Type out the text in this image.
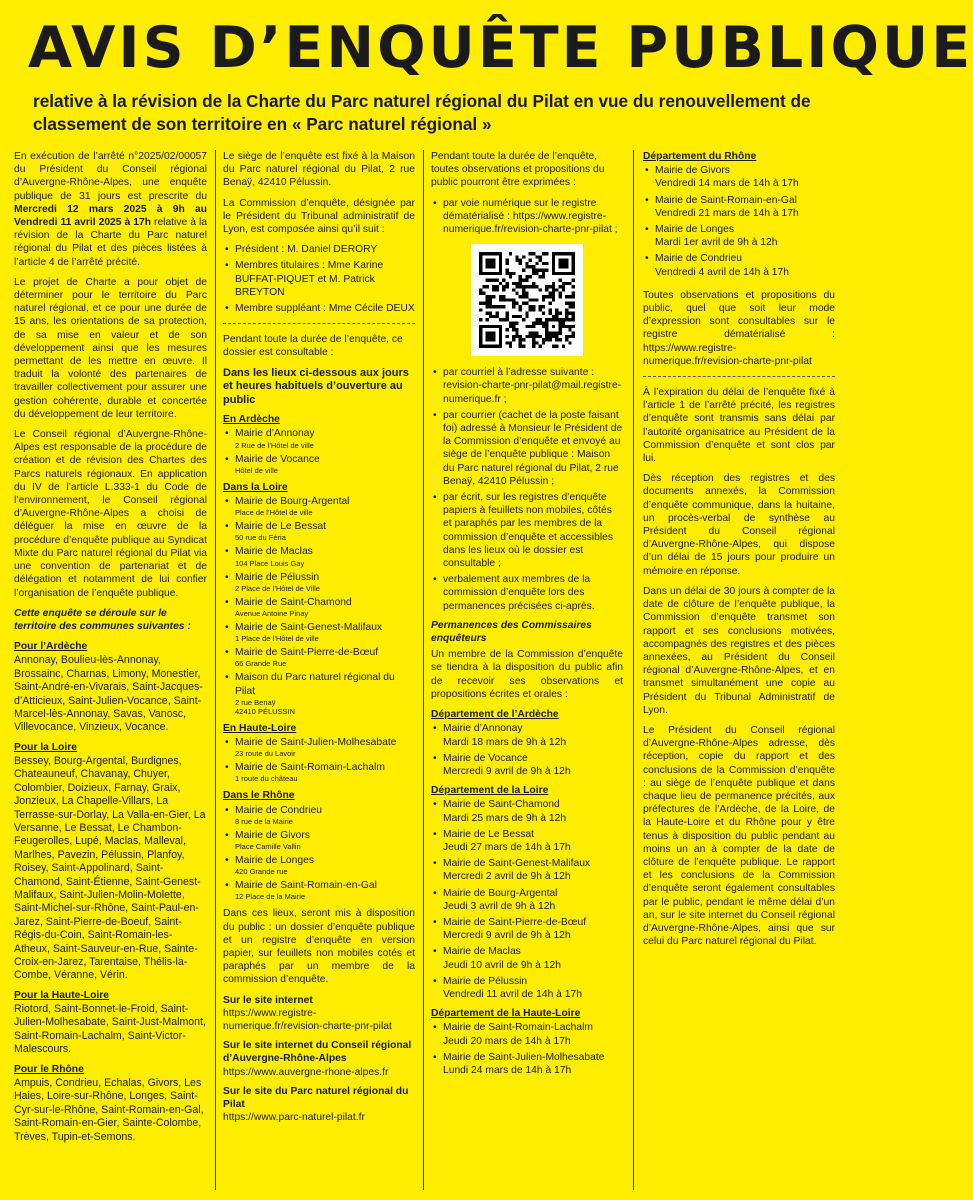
AVIS D’ENQUÊTE PUBLIQUE
relative à la révision de la Charte du Parc naturel régional du Pilat en vue du renouvellement de classement de son territoire en « Parc naturel régional »

En exécution de l’arrêté n°2025/02/00057 du Président du Conseil régional d’Auvergne-Rhône-Alpes, une enquête publique de 31 jours est prescrite du Mercredi 12 mars 2025 à 9h au Vendredi 11 avril 2025 à 17h relative à la révision de la Charte du Parc naturel régional du Pilat et des pièces listées à l’article 4 de l’arrêté précité.

Le projet de Charte a pour objet de déterminer pour le territoire du Parc naturel régional, et ce pour une durée de 15 ans, les orientations de sa protection, de sa mise en valeur et de son développement ainsi que les mesures permettant de les mettre en œuvre. Il traduit la volonté des partenaires de travailler collectivement pour assurer une gestion cohérente, durable et concertée du développement de leur territoire.

Le Conseil régional d’Auvergne-Rhône-Alpes est responsable de la procédure de création et de révision des Chartes des Parcs naturels régionaux. En application du IV de l’article L.333-1 du Code de l’environnement, le Conseil régional d’Auvergne-Rhône-Alpes a choisi de déléguer la mise en œuvre de la procédure d’enquête publique au Syndicat Mixte du Parc naturel régional du Pilat via une convention de partenariat et de délégation et notamment de lui confier l’organisation de l’enquête publique.

Cette enquête se déroule sur le territoire des communes suivantes :

Pour l’Ardèche

Annonay, Boulieu-lès-Annonay, Brossainc, Charnas, Limony, Monestier, Saint-André-en-Vivarais, Saint-Jacques-d’Atticieux, Saint-Julien-Vocance, Saint-Marcel-lès-Annonay, Savas, Vanosc, Villevocance, Vinzieux, Vocance.

Pour la Loire

Bessey, Bourg-Argental, Burdignes, Chateauneuf, Chavanay, Chuyer, Colombier, Doizieux, Farnay, Graix, Jonzieux, La Chapelle-Villars, La Terrasse-sur-Dorlay, La Valla-en-Gier, La Versanne, Le Bessat, Le Chambon-Feugerolles, Lupé, Maclas, Malleval, Marlhes, Pavezin, Pélussin, Planfoy, Roisey, Saint-Appolinard, Saint-Chamond, Saint-Étienne, Saint-Genest-Malifaux, Saint-Julien-Molin-Molette, Saint-Michel-sur-Rhône, Saint-Paul-en-Jarez, Saint-Pierre-de-Boeuf, Saint-Régis-du-Coin, Saint-Romain-les-Atheux, Saint-Sauveur-en-Rue, Sainte-Croix-en-Jarez, Tarentaise, Thélis-la-Combe, Véranne, Vérin.

Pour la Haute-Loire

Riotord, Saint-Bonnet-le-Froid, Saint-Julien-Molhesabate, Saint-Just-Malmont, Saint-Romain-Lachalm, Saint-Victor-Malescours.

Pour le Rhône

Ampuis, Condrieu, Echalas, Givors, Les Haies, Loire-sur-Rhône, Longes, Saint-Cyr-sur-le-Rhône, Saint-Romain-en-Gal, Saint-Romain-en-Gier, Sainte-Colombe, Trèves, Tupin-et-Semons.

Le siège de l’enquête est fixé à la Maison du Parc naturel régional du Pilat, 2 rue Benaÿ, 42410 Pélussin.

La Commission d’enquête, désignée par le Président du Tribunal administratif de Lyon, est composée ainsi qu’il suit :

• Président : M. Daniel DERORY
• Membres titulaires : Mme Karine BUFFAT-PIQUET et M. Patrick BREYTON
• Membre suppléant : Mme Cécile DEUX

Pendant toute la durée de l’enquête, ce dossier est consultable :

Dans les lieux ci-dessous aux jours et heures habituels d’ouverture au public

En Ardèche
• Mairie d’Annonay
2 Rue de l’Hôtel de ville
• Mairie de Vocance
Hôtel de ville
Dans la Loire
• Mairie de Bourg-Argental
Place de l’Hôtel de ville
• Mairie de Le Bessat
50 rue du Féria
• Mairie de Maclas
104 Place Louis Gay
• Mairie de Pélussin
2 Place de l’Hôtel de Ville
• Mairie de Saint-Chamond
Avenue Antoine Pinay
• Mairie de Saint-Genest-Malifaux
1 Place de l’Hôtel de ville
• Mairie de Saint-Pierre-de-Bœuf
66 Grande Rue
• Maison du Parc naturel régional du Pilat
2 rue Benaÿ
42410 PÉLUSSIN
En Haute-Loire
• Mairie de Saint-Julien-Molhesabate
23 route du Lavoir
• Mairie de Saint-Romain-Lachalm
1 route du château
Dans le Rhône
• Mairie de Condrieu
8 rue de la Mairie
• Mairie de Givors
Place Camille Vallin
• Mairie de Longes
420 Grande rue
• Mairie de Saint-Romain-en-Gal
12 Place de la Mairie

Dans ces lieux, seront mis à disposition du public : un dossier d’enquête publique et un registre d’enquête en version papier, sur feuillets non mobiles cotés et paraphés par un membre de la commission d’enquête.

Sur le site internet
https://www.registre-numerique.fr/revision-charte-pnr-pilat
Sur le site internet du Conseil régional d’Auvergne-Rhône-Alpes
https://www.auvergne-rhone-alpes.fr
Sur le site du Parc naturel régional du Pilat
https://www.parc-naturel-pilat.fr

Pendant toute la durée de l’enquête, toutes observations et propositions du public pourront être exprimées :

• par voie numérique sur le registre dématérialisé : https://www.registre-numerique.fr/revision-charte-pnr-pilat ;
• par courriel à l’adresse suivante : revision-charte-pnr-pilat@mail.registre-numerique.fr ;
• par courrier (cachet de la poste faisant foi) adressé à Monsieur le Président de la Commission d’enquête et envoyé au siège de l’enquête publique : Maison du Parc naturel régional du Pilat, 2 rue Benaÿ, 42410 Pélussin ;
• par écrit, sur les registres d’enquête papiers à feuillets non mobiles, côtés et paraphés par les membres de la commission d’enquête et accessibles dans les lieux où le dossier est consultable ;
• verbalement aux membres de la commission d’enquête lors des permanences précisées ci-après.

Permanences des Commissaires enquêteurs

Un membre de la Commission d’enquête se tiendra à la disposition du public afin de recevoir ses observations et propositions écrites et orales :

Département de l’Ardèche
• Mairie d’Annonay
Mardi 18 mars de 9h à 12h
• Mairie de Vocance
Mercredi 9 avril de 9h à 12h
Département de la Loire
• Mairie de Saint-Chamond
Mardi 25 mars de 9h à 12h
• Mairie de Le Bessat
Jeudi 27 mars de 14h à 17h
• Mairie de Saint-Genest-Malifaux
Mercredi 2 avril de 9h à 12h
• Mairie de Bourg-Argental
Jeudi 3 avril de 9h à 12h
• Mairie de Saint-Pierre-de-Bœuf
Mercredi 9 avril de 9h à 12h
• Mairie de Maclas
Jeudi 10 avril de 9h à 12h
• Mairie de Pélussin
Vendredi 11 avril de 14h à 17h
Département de la Haute-Loire
• Mairie de Saint-Romain-Lachalm
Jeudi 20 mars de 14h à 17h
• Mairie de Saint-Julien-Molhesabate
Lundi 24 mars de 14h à 17h
Département du Rhône
• Mairie de Givors
Vendredi 14 mars de 14h à 17h
• Mairie de Saint-Romain-en-Gal
Vendredi 21 mars de 14h à 17h
• Mairie de Longes
Mardi 1er avril de 9h à 12h
• Mairie de Condrieu
Vendredi 4 avril de 14h à 17h

Toutes observations et propositions du public, quel que soit leur mode d’expression sont consultables sur le registre dématérialisé : https://www.registre-numerique.fr/revision-charte-pnr-pilat

À l’expiration du délai de l’enquête fixé à l’article 1 de l’arrêté précité, les registres d’enquête sont transmis sans délai par l’autorité organisatrice au Président de la Commission d’enquête et sont clos par lui.

Dès réception des registres et des documents annexés, la Commission d’enquête communique, dans la huitaine, un procès-verbal de synthèse au Président du Conseil régional d’Auvergne-Rhône-Alpes, qui dispose d’un délai de 15 jours pour produire un mémoire en réponse.

Dans un délai de 30 jours à compter de la date de clôture de l’enquête publique, la Commission d’enquête transmet son rapport et ses conclusions motivées, accompagnés des registres et des pièces annexées, au Président du Conseil régional d’Auvergne-Rhône-Alpes, et en transmet simultanément une copie au Président du Tribunal Administratif de Lyon.

Le Président du Conseil régional d’Auvergne-Rhône-Alpes adresse, dès réception, copie du rapport et des conclusions de la Commission d’enquête : au siège de l’enquête publique et dans chaque lieu de permanence précités, aux préfectures de l’Ardèche, de la Loire, de la Haute-Loire et du Rhône pour y être tenus à disposition du public pendant au moins un an à compter de la date de clôture de l’enquête publique. Le rapport et les conclusions de la Commission d’enquête seront également consultables par le public, pendant le même délai d’un an, sur le site internet du Conseil régional d’Auvergne-Rhône-Alpes, ainsi que sur celui du Parc naturel régional du Pilat.
